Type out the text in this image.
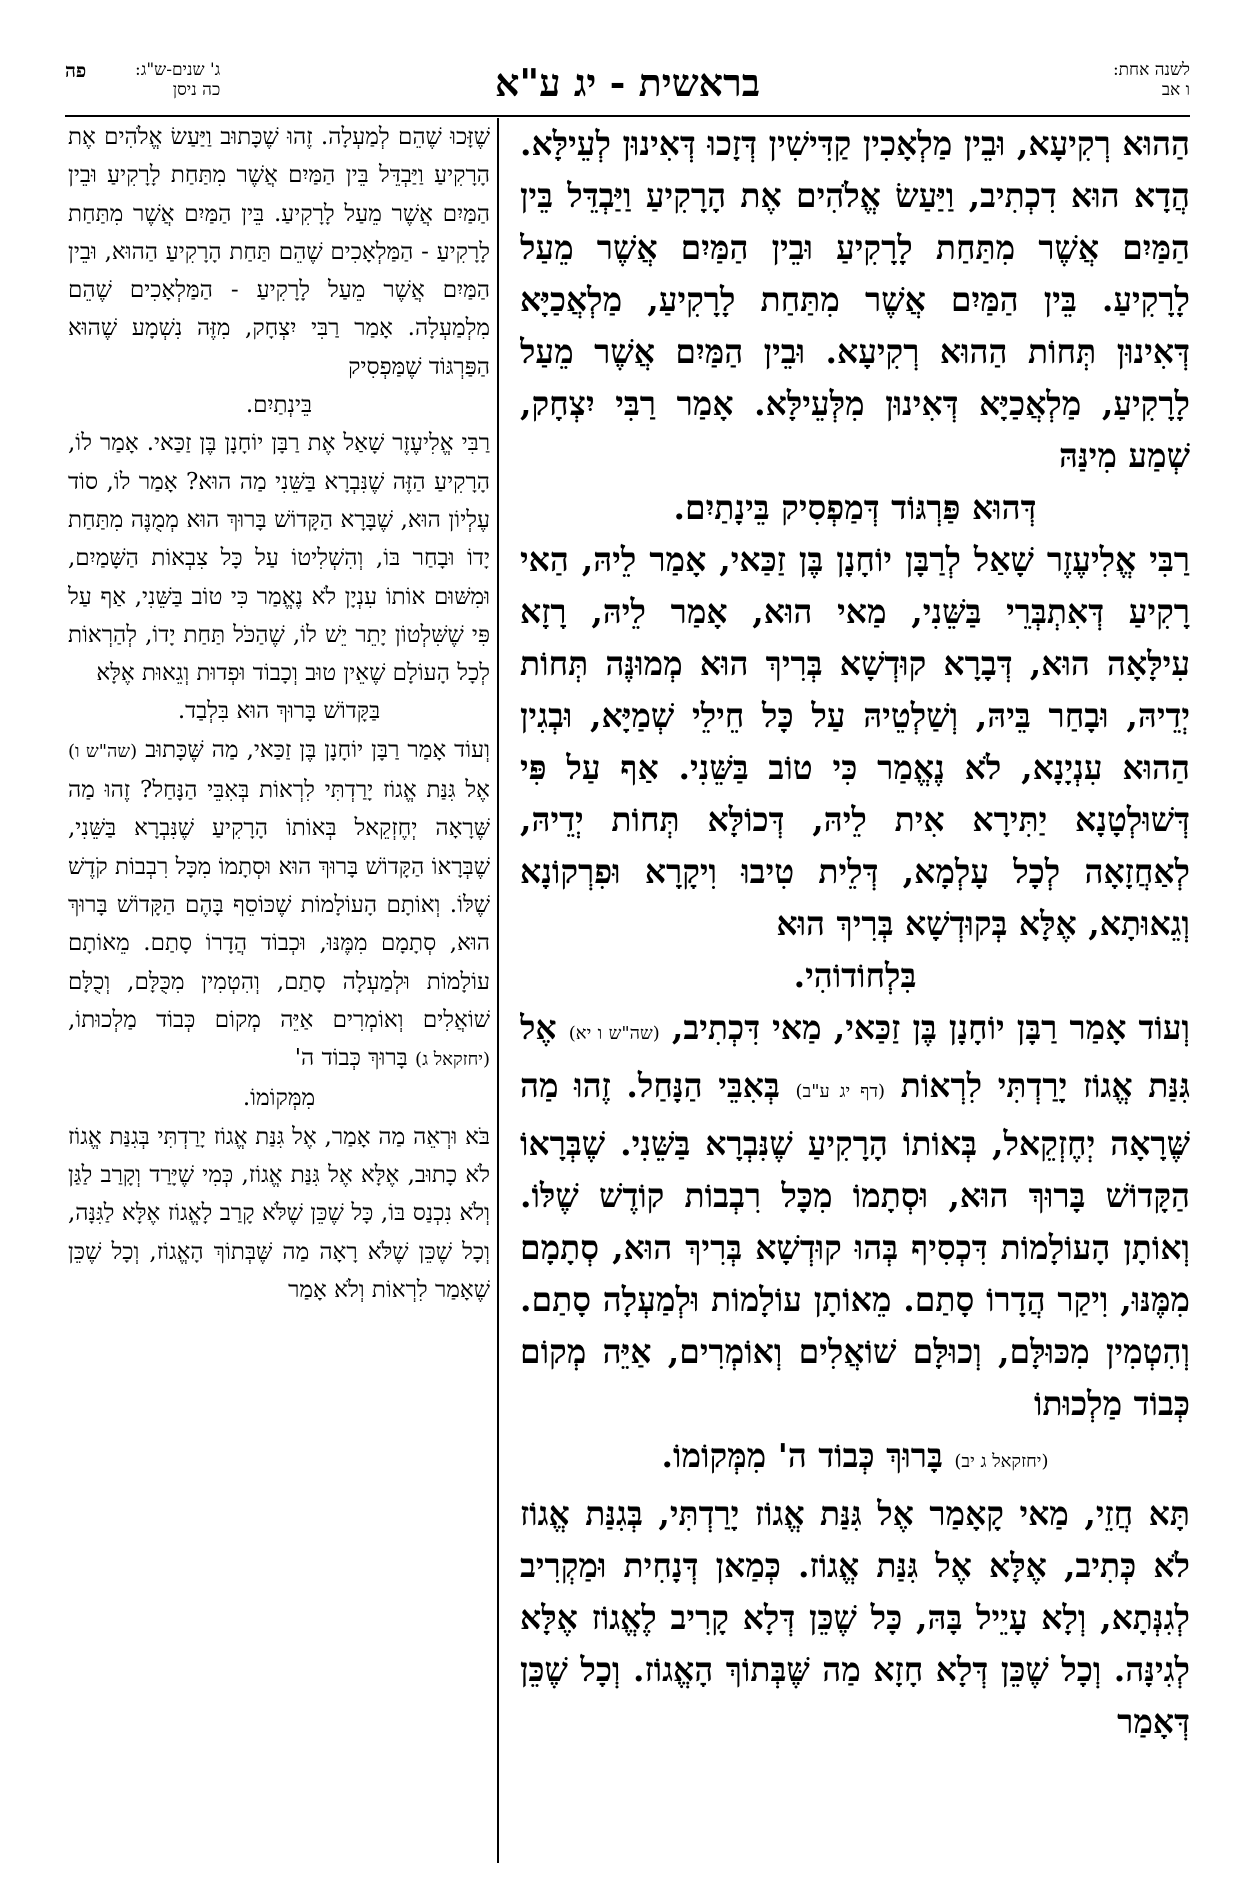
לשנה אחת:
ו אב
בראשית - יג ע"א
ג' שנים-ש"ג:
כה ניסן
פה

הַהוּא רְקִיעָא, וּבֵין מַלְאָכִין קַדִּישִׁין דְּזָכוּ דְּאִינוּן לְעֵילָּא. הֲדָא הוּא דִכְתִיב, וַיַּעַשׂ אֱלֹהִים אֶת הָרָקִיעַ וַיַּבְדֵּל בֵּין הַמַּיִם אֲשֶׁר מִתַּחַת לָרָקִיעַ וּבֵין הַמַּיִם אֲשֶׁר מֵעַל לָרָקִיעַ. בֵּין הַמַּיִם אֲשֶׁר מִתַּחַת לָרָקִיעַ, מַלְאֲכַיָּא דְּאִינוּן תְּחוֹת הַהוּא רְקִיעָא. וּבֵין הַמַּיִם אֲשֶׁר מֵעַל לָרָקִיעַ, מַלְאֲכַיָּא דְּאִינוּן מִלְּעֵילָּא. אָמַר רַבִּי יִצְחָק, שְׁמַע מִינַּהּ

דְּהוּא פַּרְגּוֹד דְּמַפְסִיק בֵּינָתַיִם.

רַבִּי אֱלִיעֶזֶר שָׁאַל לְרַבָּן יוֹחָנָן בֶּן זַכַּאי, אָמַר לֵיהּ, הַאי רָקִיעַ דְּאִתְבְּרֵי בַּשֵּׁנִי, מַאי הוּא, אָמַר לֵיהּ, רָזָא עִילָּאָה הוּא, דְּבָרָא קוּדְשָׁא בְּרִיךְ הוּא מְמוּנֶּה תְּחוֹת יְדֵיהּ, וּבָחַר בֵּיהּ, וְשַׁלְטֵיהּ עַל כָּל חֵילֵי שְׁמַיָּא, וּבְגִין הַהוּא עִנְיָנָא, לֹא נֶאֱמַר כִּי טוֹב בַּשֵּׁנִי. אַף עַל פִּי דְּשׁוּלְטָנָא יַתִּירָא אִית לֵיהּ, דְּכוֹלָּא תְּחוֹת יְדֵיהּ, לְאַחֲזָאָה לְכָל עָלְמָא, דְּלֵית טִיבוּ וִיקָרָא וּפִרְקוֹנָא וְגֵאוּתָא, אֶלָּא בְּקוּדְשָׁא בְּרִיךְ הוּא

בִּלְחוֹדוֹהִי.

וְעוֹד אָמַר רַבָּן יוֹחָנָן בֶּן זַכַּאי, מַאי דִּכְתִיב, (שה"ש ו יא) אֶל גִּנַּת אֱגוֹז יָרַדְתִּי לִרְאוֹת (דף יג ע"ב) בְּאִבֵּי הַנָּחַל. זֶהוּ מַה שֶּׁרָאָה יְחֶזְקֵאל, בְּאוֹתוֹ הָרָקִיעַ שֶׁנִּבְרָא בַּשֵּׁנִי. שֶׁבְּרָאוֹ הַקָּדוֹשׁ בָּרוּךְ הוּא, וּסְתָמוֹ מִכָּל רִבְבוֹת קוֹדֶשׁ שֶׁלּוֹ. וְאוֹתָן הָעוֹלָמוֹת דִּכְסִיף בְּהוּ קוּדְשָׁא בְּרִיךְ הוּא, סְתָמָם מִמֶּנּוּ, וִיקַר הֲדָרוֹ סָתַם. מֵאוֹתָן עוֹלָמוֹת וּלְמַעְלָה סָתַם. וְהִטְמִין מִכּוּלָּם, וְכוּלָּם שׁוֹאֲלִים וְאוֹמְרִים, אַיֵּה מְקוֹם כְּבוֹד מַלְכוּתוֹ

(יחזקאל ג יב) בָּרוּךְ כְּבוֹד ה' מִמְּקוֹמוֹ.

תָּא חֲזֵי, מַאי קָאָמַר אֶל גִּנַּת אֱגוֹז יָרַדְתִּי, בְּגִנַּת אֱגוֹז לֹא כְּתִיב, אֶלָּא אֶל גִּנַּת אֱגוֹז. כְּמַאן דְּנָחִית וּמַקְרִיב לְגִנְּתָא, וְלָא עָיֵיל בָּהּ, כָּל שֶׁכֵּן דְּלָא קָרִיב לֶאֱגוֹז אֶלָּא לְגִינָּה. וְכָל שֶׁכֵּן דְּלָא חָזָא מַה שֶּׁבְּתוֹךְ הָאֱגוֹז. וְכָל שֶׁכֵּן דְּאָמַר

שֶׁזָּכוּ שֶׁהֵם לְמַעְלָה. זֶהוּ שֶׁכָּתוּב וַיַּעַשׂ אֱלֹהִים אֶת הָרָקִיעַ וַיַּבְדֵּל בֵּין הַמַּיִם אֲשֶׁר מִתַּחַת לָרָקִיעַ וּבֵין הַמַּיִם אֲשֶׁר מֵעַל לָרָקִיעַ. בֵּין הַמַּיִם אֲשֶׁר מִתַּחַת לָרָקִיעַ - הַמַּלְאָכִים שֶׁהֵם תַּחַת הָרָקִיעַ הַהוּא, וּבֵין הַמַּיִם אֲשֶׁר מֵעַל לָרָקִיעַ - הַמַּלְאָכִים שֶׁהֵם מִלְמַעְלָה. אָמַר רַבִּי יִצְחָק, מִזֶּה נִשְׁמָע שֶׁהוּא הַפַּרְגּוֹד שֶׁמַּפְסִיק

בֵּינְתַיִם.

רַבִּי אֱלִיעֶזֶר שָׁאַל אֶת רַבָּן יוֹחָנָן בֶּן זַכַּאי. אָמַר לוֹ, הָרָקִיעַ הַזֶּה שֶׁנִּבְרָא בַּשֵּׁנִי מַה הוּא? אָמַר לוֹ, סוֹד עֶלְיוֹן הוּא, שֶׁבָּרָא הַקָּדוֹשׁ בָּרוּךְ הוּא מְמֻנֶּה מִתַּחַת יָדוֹ וּבָחַר בּוֹ, וְהִשְׁלִיטוֹ עַל כָּל צִבְאוֹת הַשָּׁמַיִם, וּמִשּׁוּם אוֹתוֹ עִנְיָן לֹא נֶאֱמַר כִּי טוֹב בַּשֵּׁנִי, אַף עַל פִּי שֶׁשִּׁלְטוֹן יָתֵר יֵשׁ לוֹ, שֶׁהַכֹּל תַּחַת יָדוֹ, לְהַרְאוֹת לְכָל הָעוֹלָם שֶׁאֵין טוּב וְכָבוֹד וּפְדוּת וְגֵאוּת אֶלָּא

בַּקָּדוֹשׁ בָּרוּךְ הוּא בִּלְבַד.

וְעוֹד אָמַר רַבָּן יוֹחָנָן בֶּן זַכַּאי, מַה שֶּׁכָּתוּב (שה"ש ו) אֶל גִּנַּת אֱגוֹז יָרַדְתִּי לִרְאוֹת בְּאִבֵּי הַנָּחַל? זֶהוּ מַה שֶּׁרָאָה יְחֶזְקֵאל בְּאוֹתוֹ הָרָקִיעַ שֶׁנִּבְרָא בַּשֵּׁנִי, שֶׁבְּרָאוֹ הַקָּדוֹשׁ בָּרוּךְ הוּא וּסְתָמוֹ מִכָּל רִבְבוֹת קֹדֶשׁ שֶׁלּוֹ. וְאוֹתָם הָעוֹלָמוֹת שֶׁכּוֹסֵף בָּהֶם הַקָּדוֹשׁ בָּרוּךְ הוּא, סְתָמָם מִמֶּנּוּ, וּכְבוֹד הֲדָרוֹ סָתַם. מֵאוֹתָם עוֹלָמוֹת וּלְמַעְלָה סָתַם, וְהִטְמִין מִכֻּלָּם, וְכֻלָּם שׁוֹאֲלִים וְאוֹמְרִים אַיֵּה מְקוֹם כְּבוֹד מַלְכוּתוֹ, (יחזקאל ג) בָּרוּךְ כְּבוֹד ה'

מִמְּקוֹמוֹ.

בֹּא וּרְאֵה מַה אָמַר, אֶל גִּנַּת אֱגוֹז יָרַדְתִּי בְּגִנַּת אֱגוֹז לֹא כָתוּב, אֶלָּא אֶל גִּנַּת אֱגוֹז, כְּמִי שֶׁיָּרַד וְקָרַב לַגַּן וְלֹא נִכְנַס בּוֹ, כָּל שֶׁכֵּן שֶׁלֹּא קָרַב לָאֱגוֹז אֶלָּא לַגִּנָּה, וְכָל שֶׁכֵּן שֶׁלֹּא רָאָה מַה שֶּׁבְּתוֹךְ הָאֱגוֹז, וְכָל שֶׁכֵּן שֶׁאָמַר לִרְאוֹת וְלֹא אָמַר
